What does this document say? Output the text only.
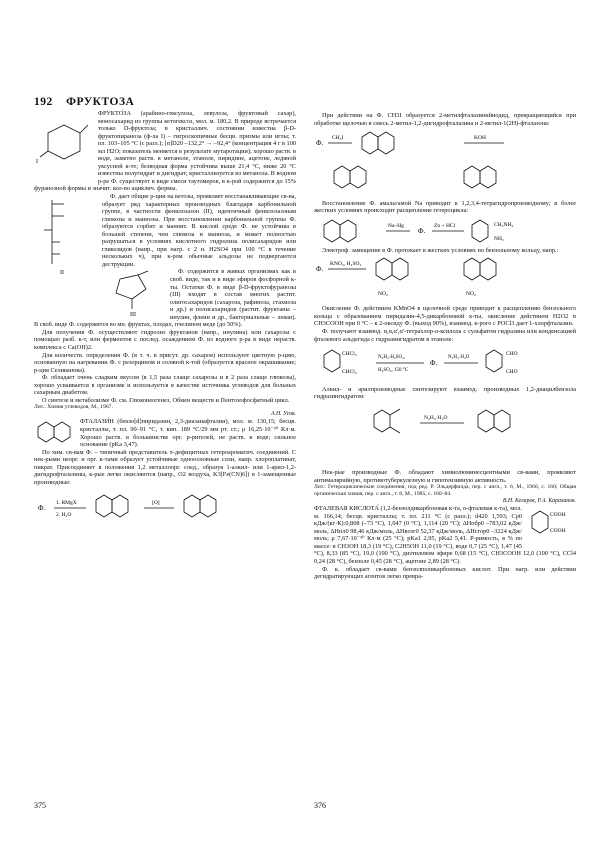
192 ФРУКТОЗА
I

ФРУКТО́ЗА (арабино-гексулоза, левулоза, фруктовый сахар), моносахарид из группы кетогексоз, мол. м. 180,2. В природе встречается только D-фруктоза; в кристаллич. состоянии известна β-D-фруктопираноза (ф-ла I) – гигроскопичные бесцв. призмы или иглы; т. пл. 103–105 °С (с разл.); [α]D20 –132,2° → –92,4° (концентрация 4 г в 100 мл H2O; показатель меняется в результате мутаротации); хорошо раств. в воде, заметно раств. в метаноле, этаноле, пиридине, ацетоне, ледяной уксусной к-те; безводная форма устойчива выше 21,4 °С, ниже 20 °С известны полугидрат и дигидрат; кристаллизуется из метанола. В водном р-ре Ф. существует в виде смеси таутомеров, в к-рой содержится до 15% фуранозной формы и значит. кол-во ациклич. формы.

II

Ф. дает общие р-ции на кетозы, проявляет восстанавливающие св-ва, образует ряд характерных производных благодаря карбонильной группе, в частности фенилозазон (II), идентичный фенилозазонам глюкозы и маннозы. При восстановлении карбонильной группы Ф. образуются сорбит и маннит. В кислой среде Ф. не устойчива в большей степени, чем глюкоза и манноза, и может полностью разрушаться в условиях кислотного гидролиза полисахаридов или гликозидов (напр., при нагр. с 2 н. H2SO4 при 100 °С в течение нескольких ч), при к-ром обычные альдозы не подвергаются деструкции.

III

Ф. содержится в живых организмах как в своб. виде, так и в виде эфиров фосфорной к-ты. Остатки Ф. в виде β-D-фруктофуранозы (III) входят в состав многих растит. олигосахаридов (сахароза, рафиноза, стахиоза и др.) и полисахаридов (растит. фруктаны – инулин, флеин и др., бактериальные – леван). В своб. виде Ф. содержится во мн. фруктах, плодах, пчелином меде (до 50%).

Для получения Ф. осуществляют гидролиз фруктанов (напр., инулина) или сахарозы с помощью разб. к-т, или ферментов с послед. осаждением Ф. из водного р-ра в виде нераств. комплекса с Ca(OH)2.

Для количеств. определения Ф. (в т. ч. в присут. др. сахаров) используют цветную р-цию, основанную на нагревании Ф. с резорцином и соляной к-той (образуется красное окрашивание; р-ция Селиванова).

Ф. обладает очень сладким вкусом (в 1,5 раза слаще сахарозы и в 2 раза слаще глюкозы), хорошо усваивается в организме и используется в качестве источника углеводов для больных сахарным диабетом.

О синтезе и метаболизме Ф. см. Глюконеогенез, Обмен веществ и Пентозофосфатный цикл.

Лит.: Химия углеводов, М., 1967.

А.Н. Усов.

ФТАЛАЗИ́Н (бензо[d]пиридазин, 2,3-диазанафталин), мол. м. 130,15; бесцв. кристаллы, т. пл. 90–91 °С, т. кип. 189 °С/29 мм рт. ст.; μ 16,25·10⁻³⁰ Кл·м. Хорошо раств. в большинстве орг. р-рителей, не раств. в воде; сильное основание (pKa 3,47).

По хим. св-вам Ф. – типичный представитель π-дефицитных гетероароматич. соединений. С нек-рыми неорг. и орг. к-тами образует устойчивые одноосновные соли, напр. хлороплатинат, пикрат. Присоединяет в положения 1,2 металлоорг. соед., образуя 1-алкил- или 1-арил-1,2-дигидрофталазины, к-рые легко окисляются (напр., O2 воздуха, K3[Fe(CN)6]) в 1-замещенные производные:

Ф.
1. RMgX
2. H₂O
[O]

При действии на Ф. CH3I образуется 2-метилфталазинийиодид, превращающийся при обработке щелочью в смесь 2-метил-1,2-дигидрофталазина и 2-метил-1(2Н)-фталазона:

Ф.
CH₃I	KOH

Восстановление Ф. амальгамой Na приводит к 1,2,3,4-тетрагидропроизводному; в более жестких условиях происходит расщепление гетероцикла:

Na–Hg
Ф.
Zn + HCl	CH₂NH₂
NH₂

Электроф. замещение в Ф. протекает в жестких условиях по бензольному кольцу, напр.:

Ф.
KNO₃, H₂SO₄
NO₂	NO₂

Окисление Ф. действием KMnO4 в щелочной среде приводит к расщеплению бензольного кольца с образованием пиридазин-4,5-дикарбоновой к-ты, окисление действием H2O2 в CH3COOH при 0 °С – к 2-оксиду Ф. (выход 90%), взаимод. к-рого с POCl3 дает 1-хлорфталазин.

Ф. получают взаимод. α,α,α',α'-тетрахлор-о-ксилола с сульфатом гидразина или конденсацией фталевого альдегида с гидразингидратом в этаноле:

CHCl₂
CHCl₂
N₂H₄·H₂SO₄,
H₂SO₄, 150 °C
Ф.
N₂H₄·H₂O
CHO
CHO

Алкил- и арилпроизводные синтезируют взаимод. производных 1,2-диацилбензола гидразингидратом:

N₂H₄·H₂O

Нек-рые производные Ф. обладают химиолюминесцентными св-вами, проявляют антималярийную, противотуберкулезную и гипотензивную активность.

Лит.: Гетероциклические соединения, под ред. Р. Эльдерфилда, пер. с англ., т. 6, М., 1960, с. 160; Общая органическая химия, пер. с англ., т. 8, М., 1985, с. 160–84.

В.Н. Келарев, Р.А. Караханов.

COOH
COOH

ФТАЛЕВАЯ КИСЛОТА́ (1,2-бензолдикарбоновая к-та, о-фталевая к-та), мол. м. 166,14; бесцв. кристаллы; т. пл. 211 °С (с разл.); d420 1,593; Cp0 кДж/(кг·К):0,808 (–73 °С), 1,047 (0 °С), 1,114 (20 °С); ΔHобр0 –783,02 кДж/моль, ΔHпл0 98,46 кДж/моль, ΔHвозг0 52,37 кДж/моль, ΔHсгор0 –3224 кДж/моль; μ 7,67·10⁻³⁰ Кл·м (25 °С); pKa1 2,95, pKa2 5,41. Р-римость, в % по массе: в CH3OH 18,3 (19 °С), C2H5OH 11,0 (19 °С), воде 0,7 (25 °С), 1,47 (45 °С), 8,33 (85 °С), 19,0 (100 °С), диэтиловом эфире 0,68 (15 °С), CH3COOH 12,0 (100 °С), CCl4 0,24 (28 °С), бензоле 0,45 (28 °С), ацетоне 2,89 (28 °С).

Ф. к. обладает св-вами бензолполикарбоновых кислот. При нагр. или действии дегидратирующих агентов легко превра-

375	376
